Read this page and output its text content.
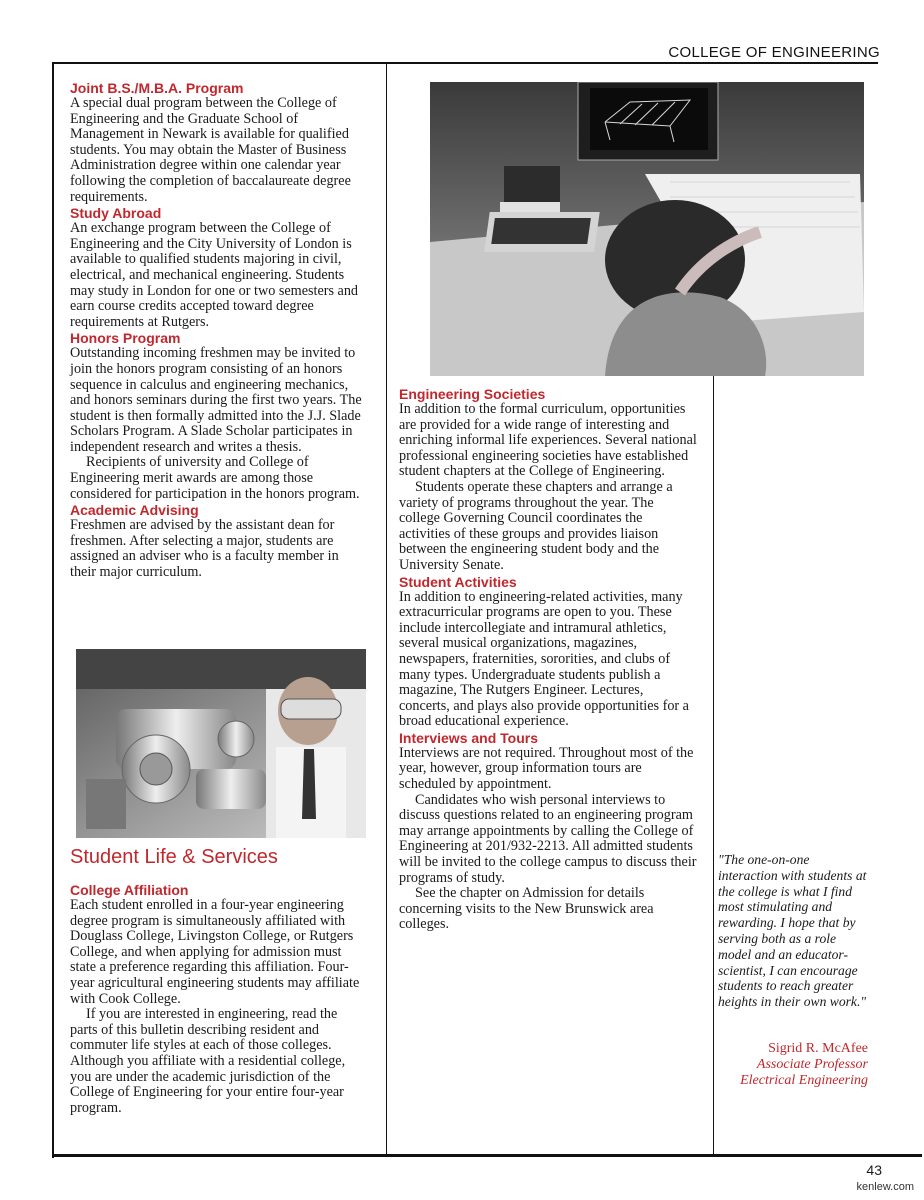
COLLEGE OF ENGINEERING
Joint B.S./M.B.A. Program

A special dual program between the College of Engineering and the Graduate School of Management in Newark is available for qualified students. You may obtain the Master of Business Administration degree within one calendar year following the completion of baccalaureate degree requirements.

Study Abroad

An exchange program between the College of Engineering and the City University of London is available to qualified students majoring in civil, electrical, and mechanical engineering. Students may study in London for one or two semesters and earn course credits accepted toward degree requirements at Rutgers.

Honors Program

Outstanding incoming freshmen may be invited to join the honors program consisting of an honors sequence in calculus and engineering mechanics, and honors seminars during the first two years. The student is then formally admitted into the J.J. Slade Scholars Program. A Slade Scholar participates in independent research and writes a thesis.

Recipients of university and College of Engineering merit awards are among those considered for participation in the honors program.

Academic Advising

Freshmen are advised by the assistant dean for freshmen. After selecting a major, students are assigned an adviser who is a faculty member in their major curriculum.

Student Life & Services
College Affiliation

Each student enrolled in a four-year engineering degree program is simultaneously affiliated with Douglass College, Livingston College, or Rutgers College, and when applying for admission must state a preference regarding this affiliation. Four-year agricultural engineering students may affiliate with Cook College.

If you are interested in engineering, read the parts of this bulletin describing resident and commuter life styles at each of those colleges. Although you affiliate with a residential college, you are under the academic jurisdiction of the College of Engineering for your entire four-year program.

Engineering Societies

In addition to the formal curriculum, opportunities are provided for a wide range of interesting and enriching informal life experiences. Several national professional engineering societies have established student chapters at the College of Engineering.

Students operate these chapters and arrange a variety of programs throughout the year. The college Governing Council coordinates the activities of these groups and provides liaison between the engineering student body and the University Senate.

Student Activities

In addition to engineering-related activities, many extracurricular programs are open to you. These include intercollegiate and intramural athletics, several musical organizations, magazines, newspapers, fraternities, sororities, and clubs of many types. Undergraduate students publish a magazine, The Rutgers Engineer. Lectures, concerts, and plays also provide opportunities for a broad educational experience.

Interviews and Tours

Interviews are not required. Throughout most of the year, however, group information tours are scheduled by appointment.

Candidates who wish personal interviews to discuss questions related to an engineering program may arrange appointments by calling the College of Engineering at 201/932-2213. All admitted students will be invited to the college campus to discuss their programs of study.

See the chapter on Admission for details concerning visits to the New Brunswick area colleges.

"The one-on-one interaction with students at the college is what I find most stimulating and rewarding. I hope that by serving both as a role model and an educator-scientist, I can encourage students to reach greater heights in their own work."
Sigrid R. McAfee
Associate Professor
Electrical Engineering
43
kenlew.com
